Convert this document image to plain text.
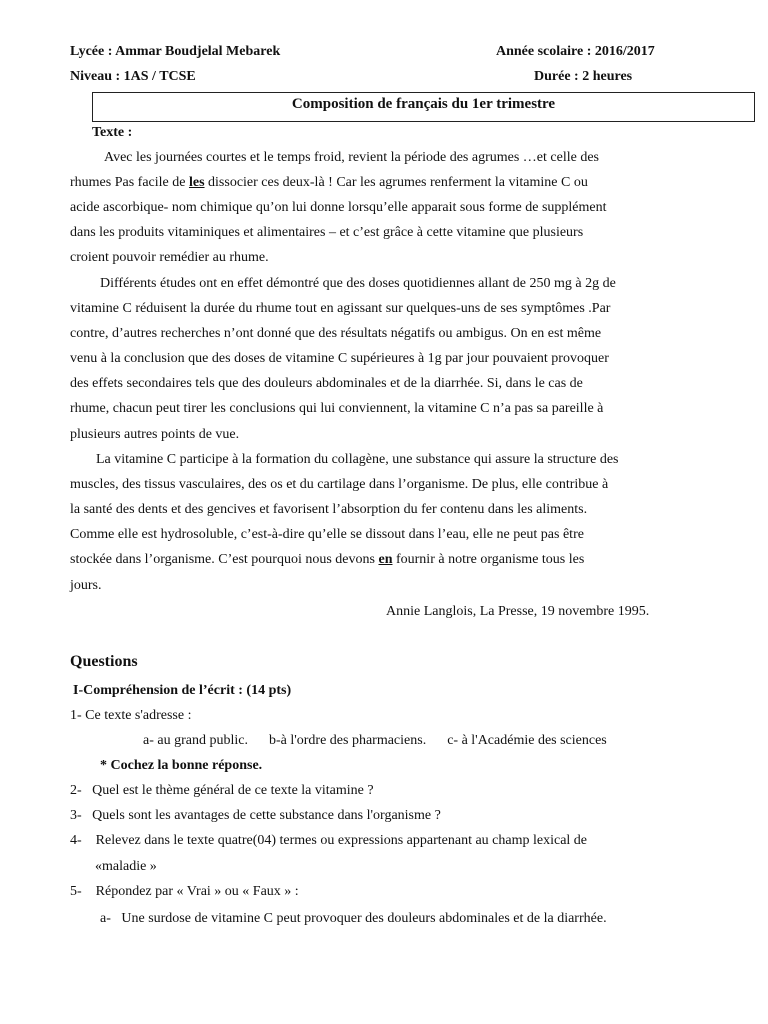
Lycée : Ammar Boudjelal Mebarek	Année scolaire : 2016/2017
Niveau : 1AS / TCSE	Durée : 2 heures
Composition de français du 1er trimestre
Texte :
Avec les journées courtes et le temps froid, revient la période des agrumes …et celle des
rhumes Pas facile de les dissocier ces deux-là ! Car les agrumes renferment la vitamine C ou
acide ascorbique- nom chimique qu’on lui donne lorsqu’elle apparait sous forme de supplément
dans les produits vitaminiques et alimentaires – et c’est grâce à cette vitamine que plusieurs
croient pouvoir remédier au rhume.
Différents études ont en effet démontré que des doses quotidiennes allant de 250 mg à 2g de
vitamine C réduisent la durée du rhume tout en agissant sur quelques-uns de ses symptômes .Par
contre, d’autres recherches n’ont donné que des résultats négatifs ou ambigus. On en est même
venu à la conclusion que des doses de vitamine C supérieures à 1g par jour pouvaient provoquer
des effets secondaires tels que des douleurs abdominales et de la diarrhée. Si, dans le cas de
rhume, chacun peut tirer les conclusions qui lui conviennent, la vitamine C n’a pas sa pareille à
plusieurs autres points de vue.
La vitamine C participe à la formation du collagène, une substance qui assure la structure des
muscles, des tissus vasculaires, des os et du cartilage dans l’organisme. De plus, elle contribue à
la santé des dents et des gencives et favorisent l’absorption du fer contenu dans les aliments.
Comme elle est hydrosoluble, c’est-à-dire qu’elle se dissout dans l’eau, elle ne peut pas être
stockée dans l’organisme. C’est pourquoi nous devons en fournir à notre organisme tous les
jours.
Annie Langlois, La Presse, 19 novembre 1995.
Questions
I-Compréhension de l’écrit : (14 pts)
1- Ce texte s'adresse :
a- au grand public.      b-à l'ordre des pharmaciens.      c- à l'Académie des sciences
* Cochez la bonne réponse.
2-   Quel est le thème général de ce texte la vitamine ?
3-   Quels sont les avantages de cette substance dans l'organisme ?
4-    Relevez dans le texte quatre(04) termes ou expressions appartenant au champ lexical de
«maladie »
5-    Répondez par « Vrai » ou « Faux » :
a-   Une surdose de vitamine C peut provoquer des douleurs abdominales et de la diarrhée.
